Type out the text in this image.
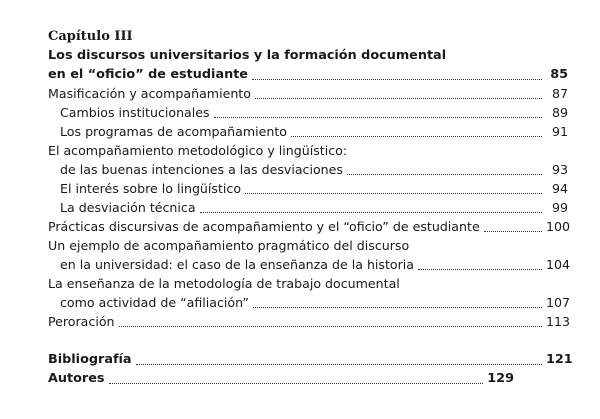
Capítulo III
Los discursos universitarios y la formación documental
en el “oficio” de estudiante	85
Masificación y acompañamiento	87
Cambios institucionales	89
Los programas de acompañamiento	91
El acompañamiento metodológico y lingüístico:
de las buenas intenciones a las desviaciones	93
El interés sobre lo lingüístico	94
La desviación técnica	99
Prácticas discursivas de acompañamiento y el “oficio” de estudiante	100
Un ejemplo de acompañamiento pragmático del discurso
en la universidad: el caso de la enseñanza de la historia	104
La enseñanza de la metodología de trabajo documental
como actividad de “afiliación”	107
Peroración	113
Bibliografía	121
Autores	129
